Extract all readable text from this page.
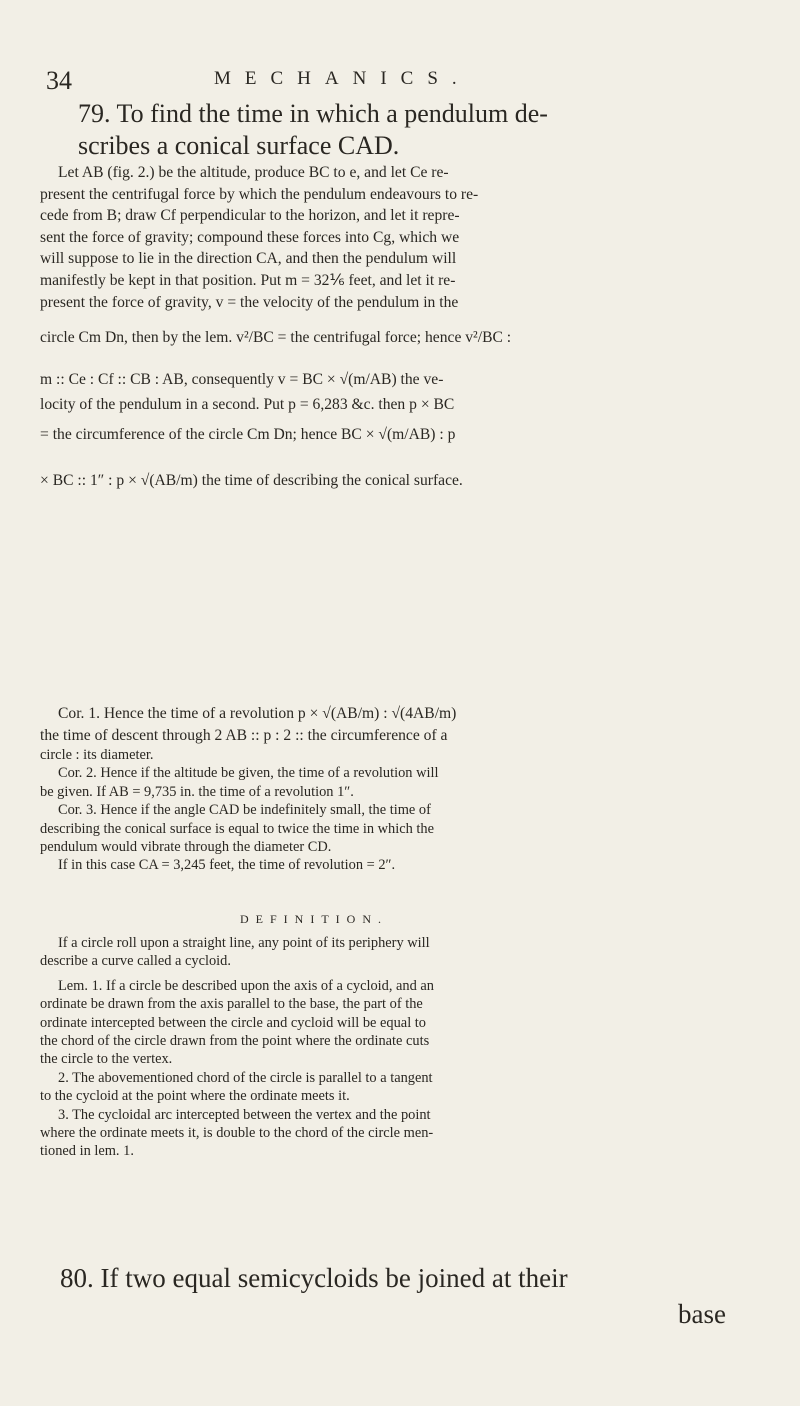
34	MECHANICS.
79. To find the time in which a pendulum de-
scribes a conical surface CAD.
Let AB (fig. 2.) be the altitude, produce BC to e, and let Ce re-
present the centrifugal force by which the pendulum endeavours to re-
cede from B; draw Cf perpendicular to the horizon, and let it repre-
sent the force of gravity; compound these forces into Cg, which we
will suppose to lie in the direction CA, and then the pendulum will
manifestly be kept in that position. Put m = 32⅙ feet, and let it re-
present the force of gravity, v = the velocity of the pendulum in the
circle Cm Dn, then by the lem. v²/BC = the centrifugal force; hence v²/BC :
m :: Ce : Cf :: CB : AB, consequently v = BC × √(m/AB) the ve-
locity of the pendulum in a second. Put p = 6,283 &c. then p × BC
= the circumference of the circle Cm Dn; hence BC × √(m/AB) : p
× BC :: 1″ : p × √(AB/m) the time of describing the conical surface.
Cor. 1. Hence the time of a revolution p × √(AB/m) : √(4AB/m)
the time of descent through 2 AB :: p : 2 :: the circumference of a
circle : its diameter.
Cor. 2. Hence if the altitude be given, the time of a revolution will
be given. If AB = 9,735 in. the time of a revolution 1″.
Cor. 3. Hence if the angle CAD be indefinitely small, the time of
describing the conical surface is equal to twice the time in which the
pendulum would vibrate through the diameter CD.
If in this case CA = 3,245 feet, the time of revolution = 2″.
DEFINITION.
If a circle roll upon a straight line, any point of its periphery will
describe a curve called a cycloid.
Lem. 1. If a circle be described upon the axis of a cycloid, and an
ordinate be drawn from the axis parallel to the base, the part of the
ordinate intercepted between the circle and cycloid will be equal to
the chord of the circle drawn from the point where the ordinate cuts
the circle to the vertex.
2. The abovementioned chord of the circle is parallel to a tangent
to the cycloid at the point where the ordinate meets it.
3. The cycloidal arc intercepted between the vertex and the point
where the ordinate meets it, is double to the chord of the circle men-
tioned in lem. 1.
80. If two equal semicycloids be joined at their
base
